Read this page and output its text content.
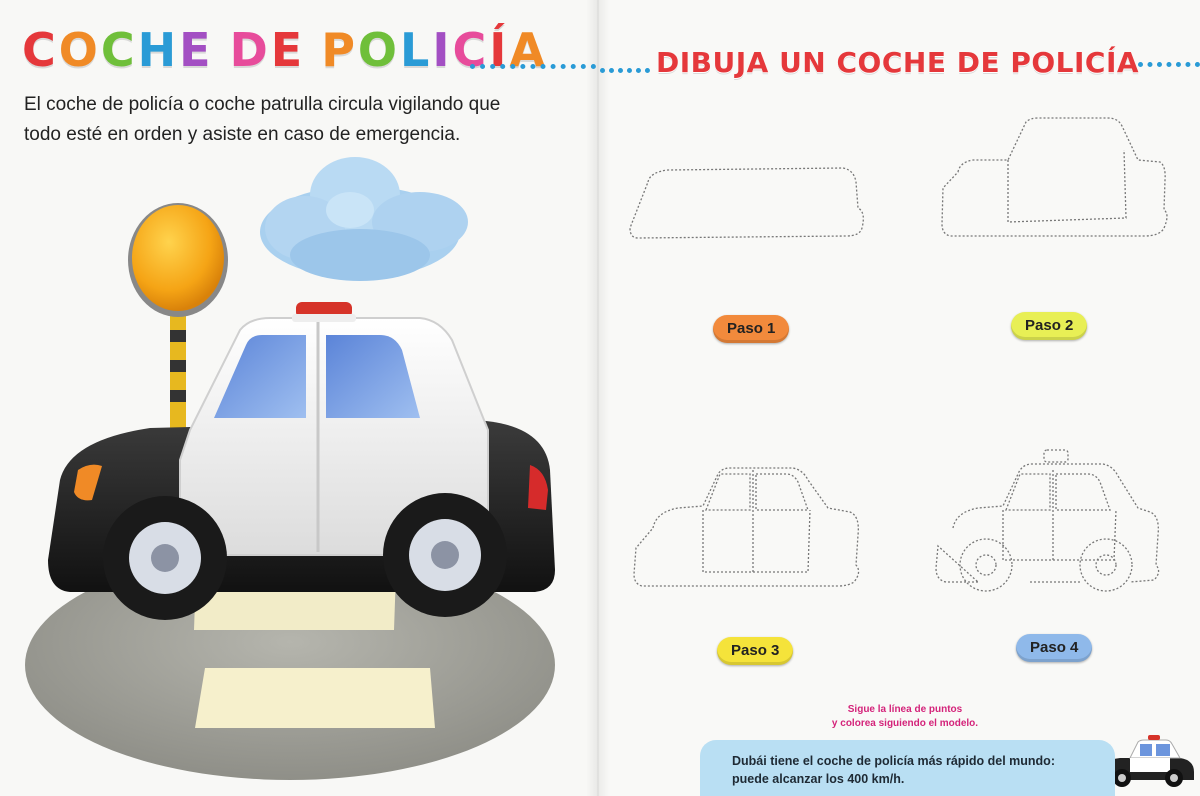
COCHE DE POLICÍA
El coche de policía o coche patrulla circula vigilando que
todo esté en orden y asiste en caso de emergencia.
DIBUJA UN COCHE DE POLICÍA
Paso 1	Paso 2
Paso 3	Paso 4
Sigue la línea de puntos
y colorea siguiendo el modelo.
Dubái tiene el coche de policía más rápido del mundo:
puede alcanzar los 400 km/h.
